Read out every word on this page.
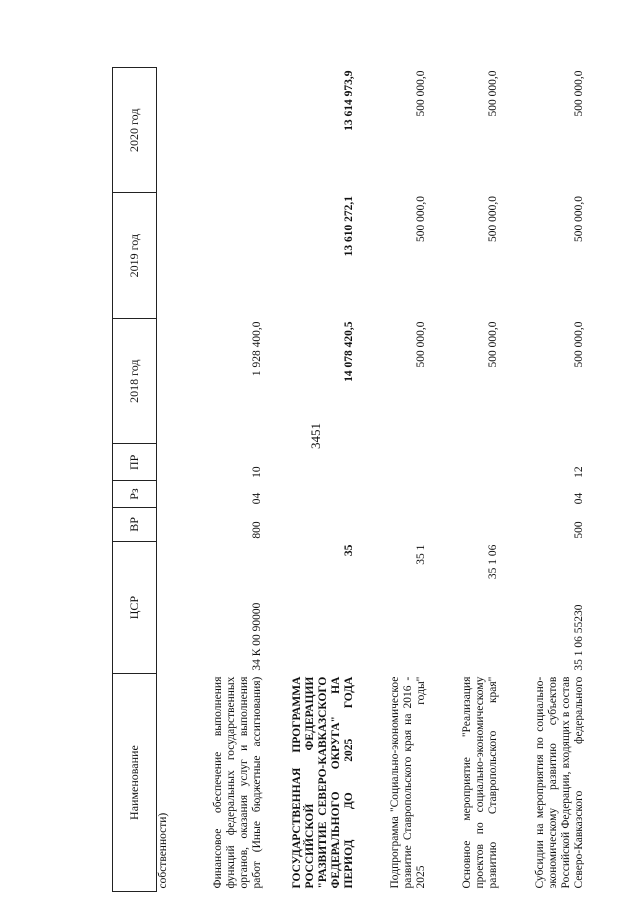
3451
Наименование	ЦСР	ВР	Рз	ПР	2018 год	2019 год	2020 год
собственности)							
Финансовое обеспечение выполнения функций федеральных государственных органов, оказания услуг и выполнения работ (Иные бюджетные ассигнования)	34 К 00 90000	800	04	10	1 928 400,0		
ГОСУДАРСТВЕННАЯ ПРОГРАММА РОССИЙСКОЙ ФЕДЕРАЦИИ "РАЗВИТИЕ СЕВЕРО-КАВКАЗСКОГО ФЕДЕРАЛЬНОГО ОКРУГА" НА ПЕРИОД ДО 2025 ГОДА	35				14 078 420,5	13 610 272,1	13 614 973,9
Подпрограмма "Социально-экономическое развитие Ставропольского края на 2016 - 2025 годы"	35 1				500 000,0	500 000,0	500 000,0
Основное мероприятие "Реализация проектов по социально-экономическому развитию Ставропольского края"	35 1 06				500 000,0	500 000,0	500 000,0
Субсидии на мероприятия по социально-экономическому развитию субъектов Российской Федерации, входящих в состав Северо-Кавказского федерального	35 1 06 55230	500	04	12	500 000,0	500 000,0	500 000,0
